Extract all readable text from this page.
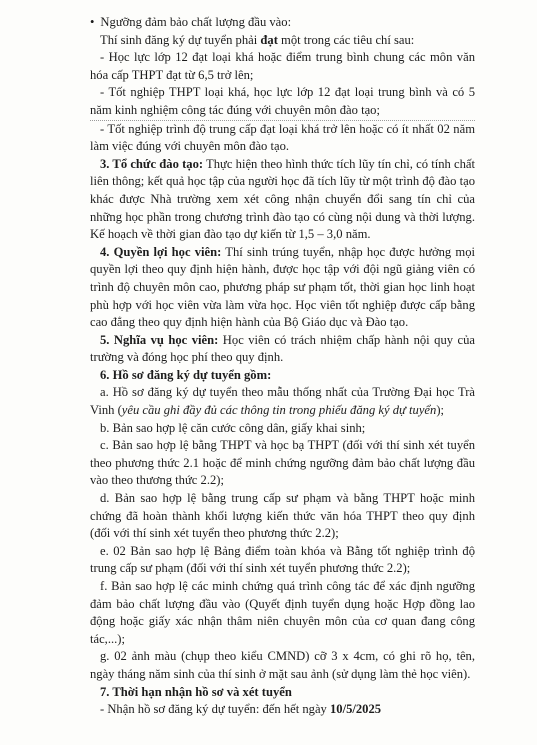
• Ngưỡng đảm bảo chất lượng đầu vào:

Thí sinh đăng ký dự tuyển phải đạt một trong các tiêu chí sau:

- Học lực lớp 12 đạt loại khá hoặc điểm trung bình chung các môn văn hóa cấp THPT đạt từ 6,5 trở lên;

- Tốt nghiệp THPT loại khá, học lực lớp 12 đạt loại trung bình và có 5 năm kinh nghiệm công tác đúng với chuyên môn đào tạo;

- Tốt nghiệp trình độ trung cấp đạt loại khá trở lên hoặc có ít nhất 02 năm làm việc đúng với chuyên môn đào tạo.

3. Tổ chức đào tạo: Thực hiện theo hình thức tích lũy tín chỉ, có tính chất liên thông; kết quả học tập của người học đã tích lũy từ một trình độ đào tạo khác được Nhà trường xem xét công nhận chuyển đổi sang tín chỉ của những học phần trong chương trình đào tạo có cùng nội dung và thời lượng. Kế hoạch về thời gian đào tạo dự kiến từ 1,5 – 3,0 năm.

4. Quyền lợi học viên: Thí sinh trúng tuyển, nhập học được hưởng mọi quyền lợi theo quy định hiện hành, được học tập với đội ngũ giảng viên có trình độ chuyên môn cao, phương pháp sư phạm tốt, thời gian học linh hoạt phù hợp với học viên vừa làm vừa học. Học viên tốt nghiệp được cấp bằng cao đẳng theo quy định hiện hành của Bộ Giáo dục và Đào tạo.

5. Nghĩa vụ học viên: Học viên có trách nhiệm chấp hành nội quy của trường và đóng học phí theo quy định.

6. Hồ sơ đăng ký dự tuyển gồm:

a. Hồ sơ đăng ký dự tuyển theo mẫu thống nhất của Trường Đại học Trà Vinh (yêu cầu ghi đầy đủ các thông tin trong phiếu đăng ký dự tuyển);

b. Bản sao hợp lệ căn cước công dân, giấy khai sinh;

c. Bản sao hợp lệ bằng THPT và học bạ THPT (đối với thí sinh xét tuyển theo phương thức 2.1 hoặc để minh chứng ngưỡng đảm bảo chất lượng đầu vào theo thương thức 2.2);

d. Bản sao hợp lệ bằng trung cấp sư phạm và bằng THPT hoặc minh chứng đã hoàn thành khối lượng kiến thức văn hóa THPT theo quy định (đối với thí sinh xét tuyển theo phương thức 2.2);

e. 02 Bản sao hợp lệ Bảng điểm toàn khóa và Bằng tốt nghiệp trình độ trung cấp sư phạm (đối với thí sinh xét tuyển phương thức 2.2);

f. Bản sao hợp lệ các minh chứng quá trình công tác để xác định ngưỡng đảm bảo chất lượng đầu vào (Quyết định tuyển dụng hoặc Hợp đồng lao động hoặc giấy xác nhận thâm niên chuyên môn của cơ quan đang công tác,...);

g. 02 ảnh màu (chụp theo kiểu CMND) cỡ 3 x 4cm, có ghi rõ họ, tên, ngày tháng năm sinh của thí sinh ở mặt sau ảnh (sử dụng làm thẻ học viên).

7. Thời hạn nhận hồ sơ và xét tuyển

- Nhận hồ sơ đăng ký dự tuyển: đến hết ngày 10/5/2025
